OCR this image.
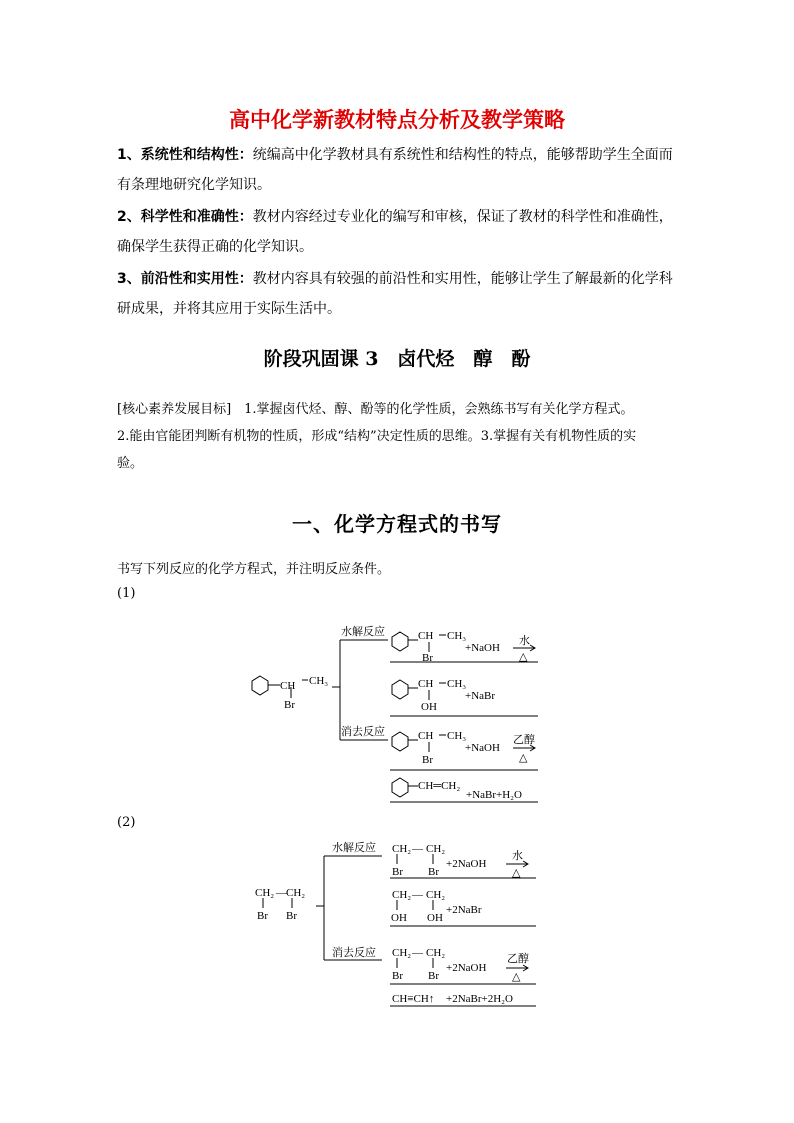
高中化学新教材特点分析及教学策略
1、系统性和结构性：统编高中化学教材具有系统性和结构性的特点，能够帮助学生全面而
有条理地研究化学知识。
2、科学性和准确性：教材内容经过专业化的编写和审核，保证了教材的科学性和准确性，
确保学生获得正确的化学知识。
3、前沿性和实用性：教材内容具有较强的前沿性和实用性，能够让学生了解最新的化学科
研成果，并将其应用于实际生活中。
阶段巩固课 3　卤代烃　醇　酚
[核心素养发展目标]　1.掌握卤代烃、醇、酚等的化学性质，会熟练书写有关化学方程式。
2.能由官能团判断有机物的性质，形成“结构”决定性质的思维。3.掌握有关有机物性质的实
验。
一、化学方程式的书写
书写下列反应的化学方程式，并注明反应条件。
(1)
CH CH₃
Br
水解反应
消去反应
CH CH₃
Br
+NaOH
水
△
CH CH₃
OH
+NaBr
CH CH₃
Br
+NaOH
乙醇
△
CH═CH₂
+NaBr+H₂O
(2)
CH₂ — CH₂
Br Br
水解反应
消去反应
CH₂ — CH₂
Br Br
+2NaOH
水
△
CH₂ — CH₂
OH OH
+2NaBr
CH₂ — CH₂
Br Br
+2NaOH
乙醇
△
CH≡CH↑ +2NaBr+2H₂O
